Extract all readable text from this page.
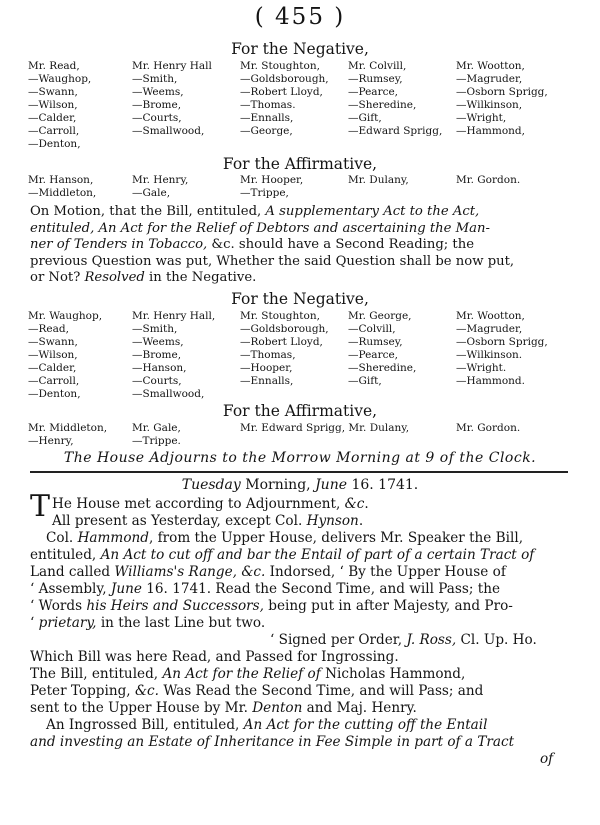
( 455 )
For the Negative,
Mr. Read,
—Waughop,
—Swann,
—Wilson,
—Calder,
—Carroll,
—Denton,
Mr. Henry Hall
—Smith,
—Weems,
—Brome,
—Courts,
—Smallwood,
Mr. Stoughton,
—Goldsborough,
—Robert Lloyd,
—Thomas.
—Ennalls,
—George,
Mr. Colvill,
—Rumsey,
—Pearce,
—Sheredine,
—Gift,
—Edward Sprigg,
Mr. Wootton,
—Magruder,
—Osborn Sprigg,
—Wilkinson,
—Wright,
—Hammond,
For the Affirmative,
Mr. Hanson,
—Middleton,
Mr. Henry,
—Gale,
Mr. Hooper,
—Trippe,
Mr. Dulany,	Mr. Gordon.
On Motion, that the Bill, entituled, A supplementary Act to the Act,
entituled, An Act for the Relief of Debtors and ascertaining the Man-
ner of Tenders in Tobacco, &c. should have a Second Reading; the
previous Question was put, Whether the said Question shall be now put,
or Not? Resolved in the Negative.
For the Negative,
Mr. Waughop,
—Read,
—Swann,
—Wilson,
—Calder,
—Carroll,
—Denton,
Mr. Henry Hall,
—Smith,
—Weems,
—Brome,
—Hanson,
—Courts,
—Smallwood,
Mr. Stoughton,
—Goldsborough,
—Robert Lloyd,
—Thomas,
—Hooper,
—Ennalls,
Mr. George,
—Colvill,
—Rumsey,
—Pearce,
—Sheredine,
—Gift,
Mr. Wootton,
—Magruder,
—Osborn Sprigg,
—Wilkinson.
—Wright.
—Hammond.
For the Affirmative,
Mr. Middleton,
—Henry,
Mr. Gale,
—Trippe.
Mr. Edward Sprigg, Mr. Dulany,	Mr. Gordon.
The House Adjourns to the Morrow Morning at 9 of the Clock.
Tuesday Morning, June 16. 1741.
T He House met according to Adjournment, &c.
All present as Yesterday, except Col. Hynson.
Col. Hammond, from the Upper House, delivers Mr. Speaker the Bill,
entituled, An Act to cut off and bar the Entail of part of a certain Tract of
Land called Williams's Range, &c. Indorsed, ‘ By the Upper House of
‘ Assembly, June 16. 1741. Read the Second Time, and will Pass; the
‘ Words his Heirs and Successors, being put in after Majesty, and Pro-
‘ prietary, in the last Line but two.
‘ Signed per Order, J. Ross, Cl. Up. Ho.
Which Bill was here Read, and Passed for Ingrossing.
The Bill, entituled, An Act for the Relief of Nicholas Hammond,
Peter Topping, &c. Was Read the Second Time, and will Pass; and
sent to the Upper House by Mr. Denton and Maj. Henry.
An Ingrossed Bill, entituled, An Act for the cutting off the Entail
and investing an Estate of Inheritance in Fee Simple in part of a Tract
of
